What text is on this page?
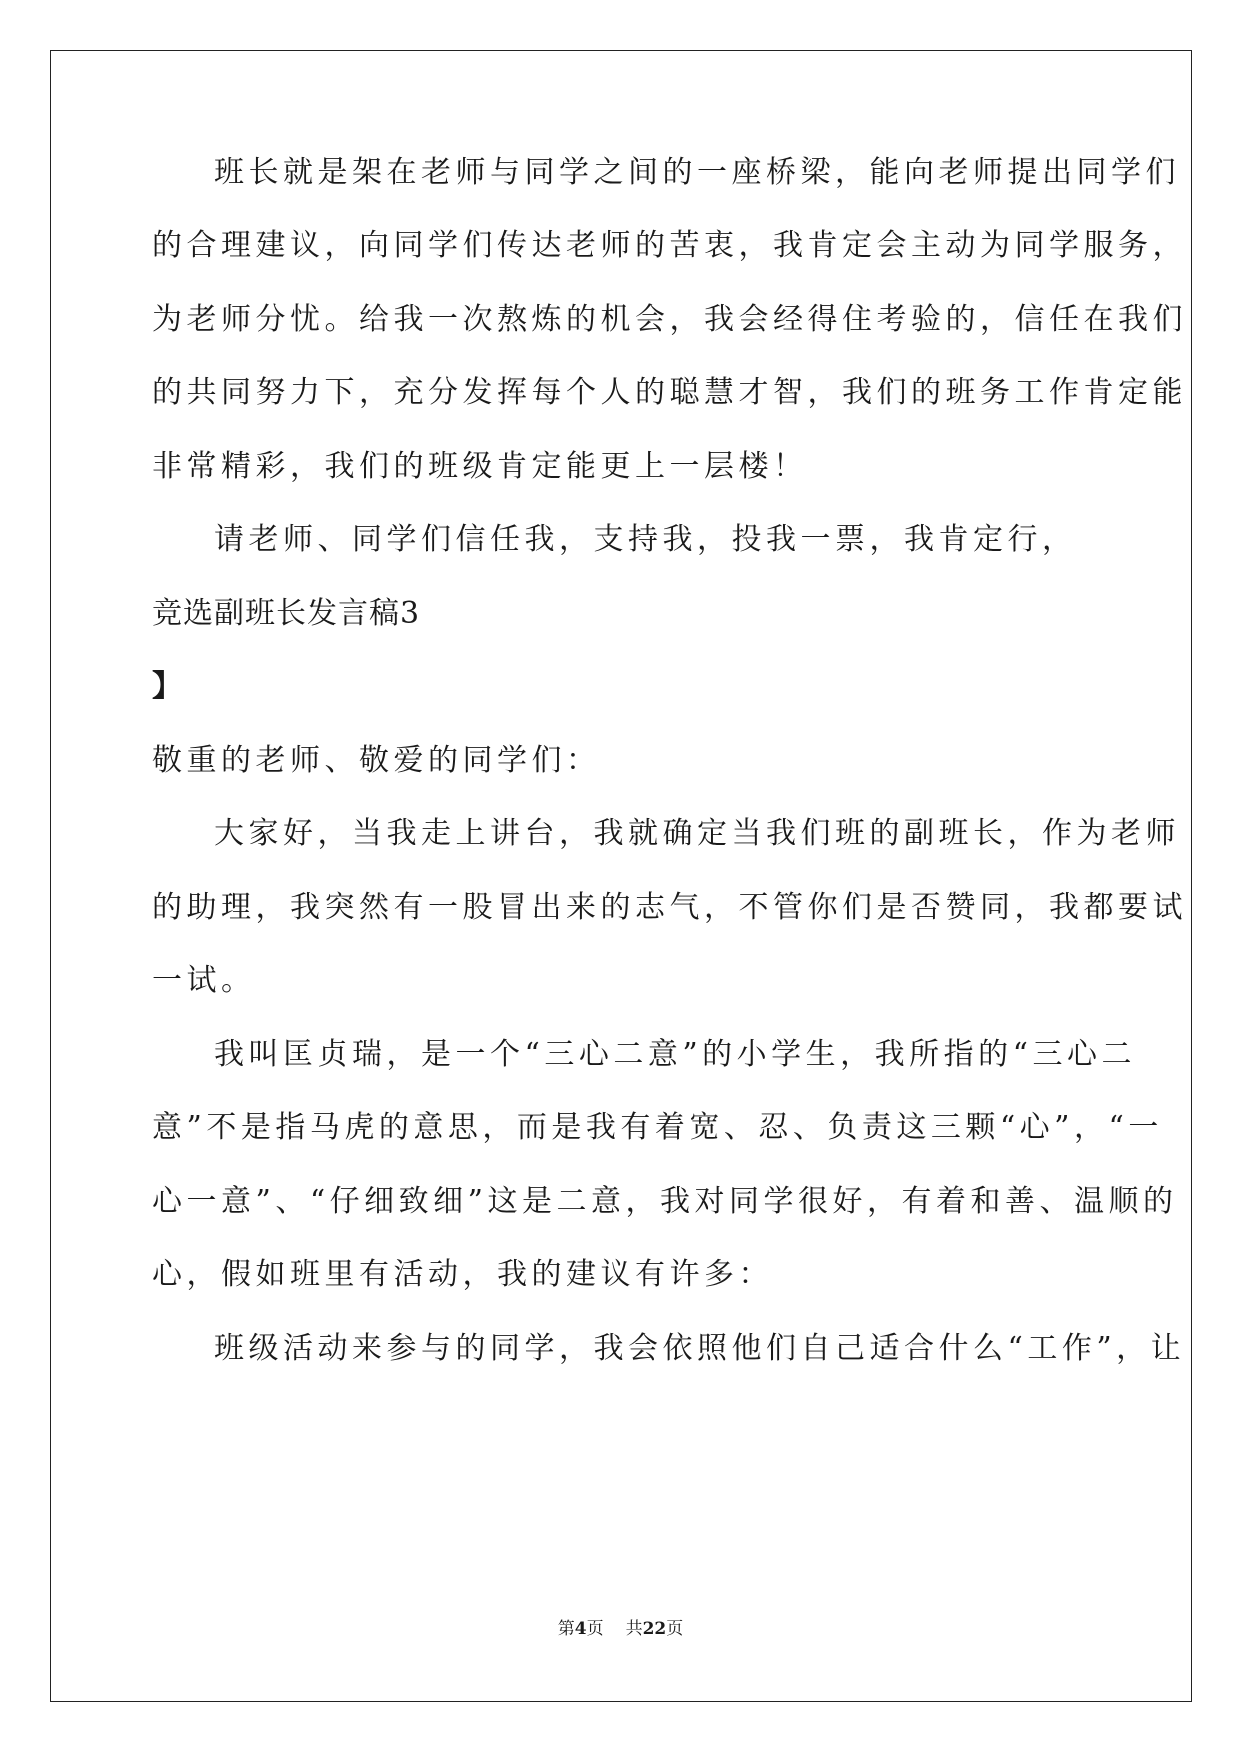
班长就是架在老师与同学之间的一座桥梁，能向老师提出同学们
的合理建议，向同学们传达老师的苦衷，我肯定会主动为同学服务，
为老师分忧。给我一次熬炼的机会，我会经得住考验的，信任在我们
的共同努力下，充分发挥每个人的聪慧才智，我们的班务工作肯定能
非常精彩，我们的班级肯定能更上一层楼！
请老师、同学们信任我，支持我，投我一票，我肯定行，
竞选副班长发言稿3
】
敬重的老师、敬爱的同学们：
大家好，当我走上讲台，我就确定当我们班的副班长，作为老师
的助理，我突然有一股冒出来的志气，不管你们是否赞同，我都要试
一试。
我叫匡贞瑞，是一个“三心二意”的小学生，我所指的“三心二
意”不是指马虎的意思，而是我有着宽、忍、负责这三颗“心”，“一
心一意”、“仔细致细”这是二意，我对同学很好，有着和善、温顺的
心，假如班里有活动，我的建议有许多：
班级活动来参与的同学，我会依照他们自己适合什么“工作”，让
第4页 共22页
